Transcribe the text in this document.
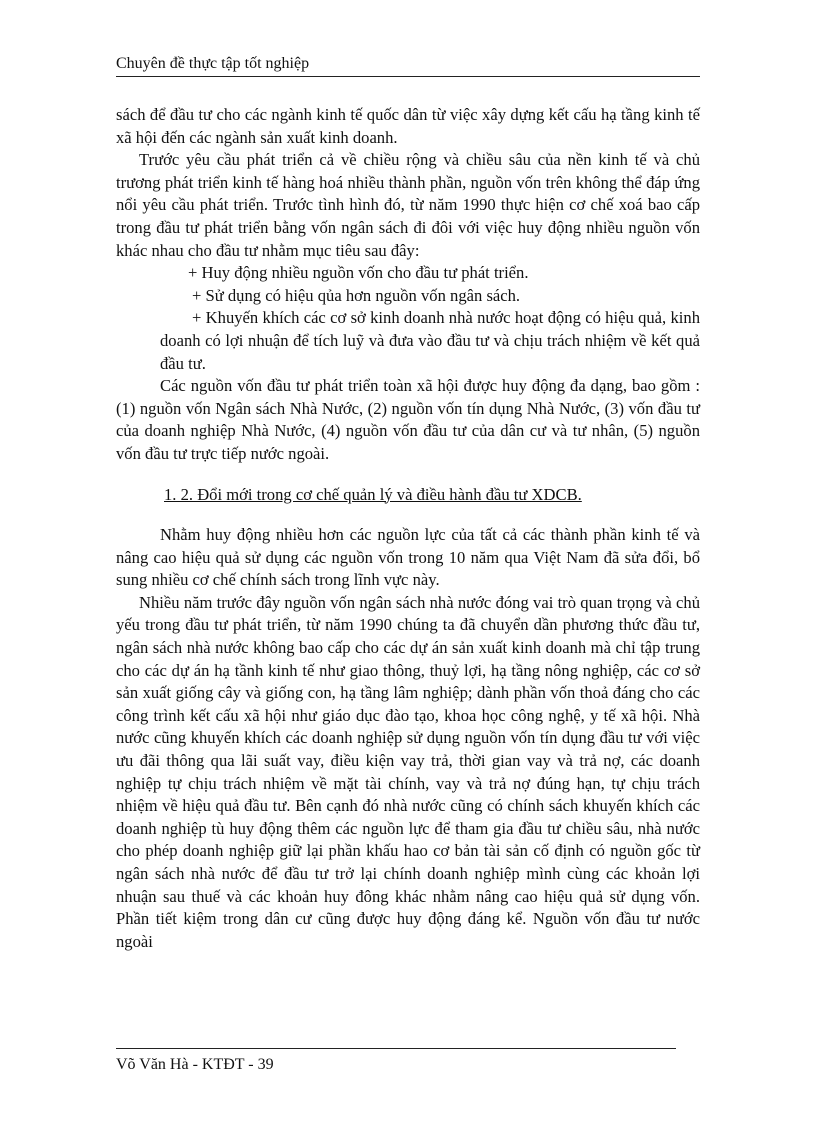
Chuyên đề thực tập tốt nghiệp

sách để đầu tư cho các ngành kinh tế quốc dân từ việc xây dựng kết cấu hạ tầng kinh tế xã hội đến các ngành sản xuất kinh doanh.

Trước yêu cầu phát triển cả về chiều rộng và chiều sâu của nền kinh tế và chủ trương phát triển kinh tế hàng hoá nhiều thành phần, nguồn vốn trên không thể đáp ứng nổi yêu cầu phát triển. Trước tình hình đó, từ năm 1990 thực hiện cơ chế xoá bao cấp trong đầu tư phát triển bằng vốn ngân sách đi đôi với việc huy động nhiều nguồn vốn khác nhau cho đầu tư nhằm mục tiêu sau đây:

+ Huy động nhiều nguồn vốn cho đầu tư phát triển.

+ Sử dụng có hiệu qủa hơn nguồn vốn ngân sách.

+ Khuyến khích các cơ sở kinh doanh nhà nước hoạt động có hiệu quả, kinh doanh có lợi nhuận để tích luỹ và đưa vào đầu tư và chịu trách nhiệm về kết quả đầu tư.

Các nguồn vốn đầu tư phát triển toàn xã hội được huy động đa dạng, bao gồm : (1) nguồn vốn Ngân sách Nhà Nước, (2) nguồn vốn tín dụng Nhà Nước, (3) vốn đầu tư của doanh nghiệp Nhà Nước, (4) nguồn vốn đầu tư của dân cư và tư nhân, (5) nguồn vốn đầu tư trực tiếp nước ngoài.

1. 2. Đổi mới trong cơ chế quản lý và điều hành đầu tư XDCB.

Nhằm huy động nhiều hơn các nguồn lực của tất cả các thành phần kinh tế và nâng cao hiệu quả sử dụng các nguồn vốn trong 10 năm qua Việt Nam đã sửa đổi, bổ sung nhiều cơ chế chính sách trong lĩnh vực này.

Nhiều năm trước đây nguồn vốn ngân sách nhà nước đóng vai trò quan trọng và chủ yếu trong đầu tư phát triển, từ năm 1990 chúng ta đã chuyển dần phương thức đầu tư, ngân sách nhà nước không bao cấp cho các dự án sản xuất kinh doanh mà chỉ tập trung cho các dự án hạ tầnh kinh tế như giao thông, thuỷ lợi, hạ tầng nông nghiệp, các cơ sở sản xuất giống cây và giống con, hạ tầng lâm nghiệp; dành phần vốn thoả đáng cho các công trình kết cấu xã hội như giáo dục đào tạo, khoa học công nghệ, y tế xã hội. Nhà nước cũng khuyến khích các doanh nghiệp sử dụng nguồn vốn tín dụng đầu tư với việc ưu đãi thông qua lãi suất vay, điều kiện vay trả, thời gian vay và trả nợ, các doanh nghiệp tự chịu trách nhiệm về mặt tài chính, vay và trả nợ đúng hạn, tự chịu trách nhiệm về hiệu quả đầu tư. Bên cạnh đó nhà nước cũng có chính sách khuyến khích các doanh nghiệp tù huy động thêm các nguồn lực để tham gia đầu tư chiều sâu, nhà nước cho phép doanh nghiệp giữ lại phần khấu hao cơ bản tài sản cố định có nguồn gốc từ ngân sách nhà nước để đầu tư trở lại chính doanh nghiệp mình cùng các khoản lợi nhuận sau thuế và các khoản huy đông khác nhằm nâng cao hiệu quả sử dụng vốn. Phần tiết kiệm trong dân cư cũng được huy động đáng kể. Nguồn vốn đầu tư nước ngoài

Võ Văn Hà - KTĐT - 39
